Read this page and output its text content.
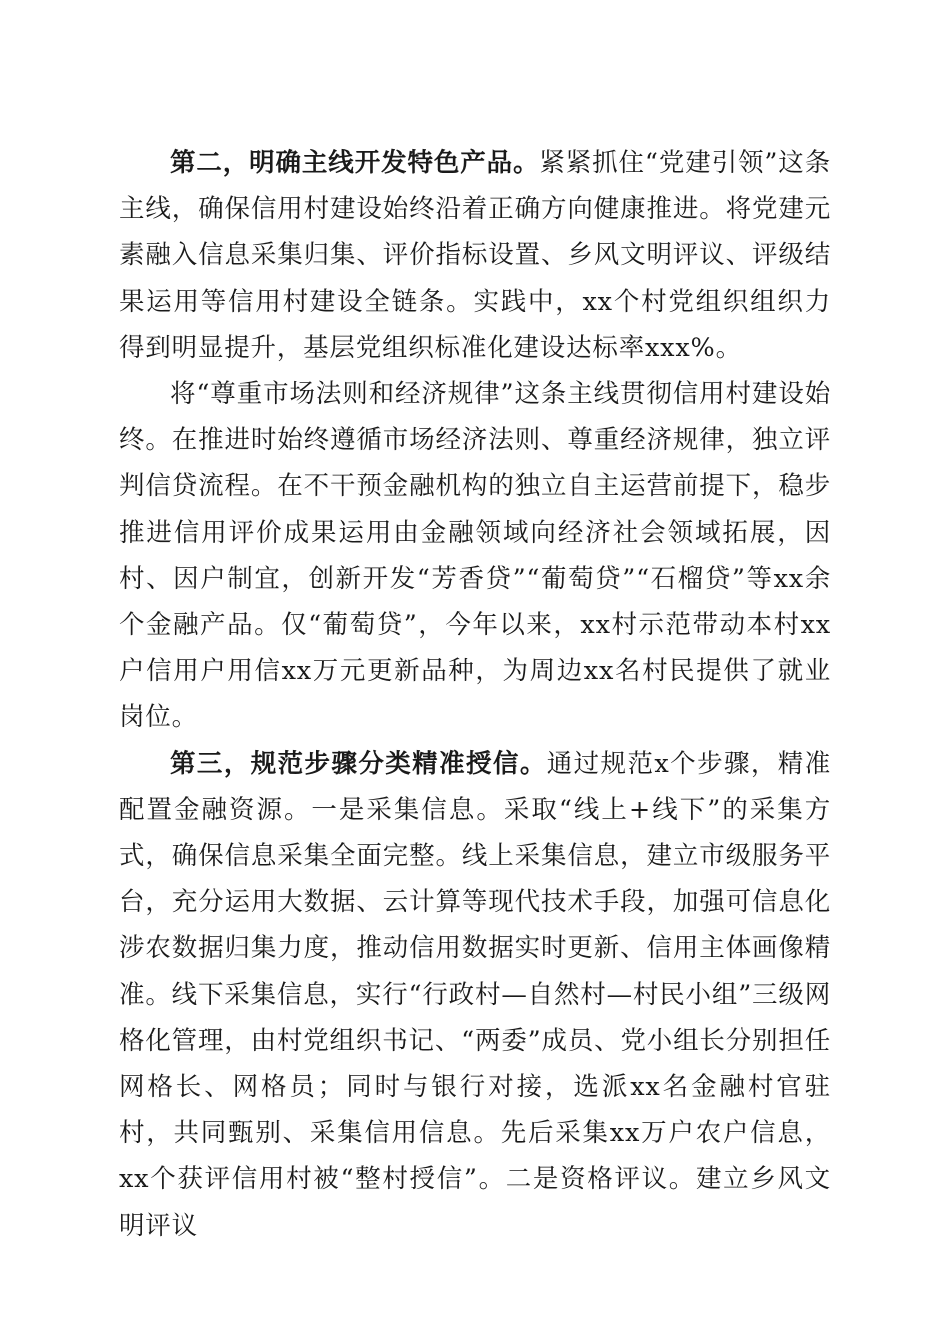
第二，明确主线开发特色产品。紧紧抓住“党建引领”这条主线，确保信用村建设始终沿着正确方向健康推进。将党建元素融入信息采集归集、评价指标设置、乡风文明评议、评级结果运用等信用村建设全链条。实践中，xx个村党组织组织力得到明显提升，基层党组织标准化建设达标率xxx%。

将“尊重市场法则和经济规律”这条主线贯彻信用村建设始终。在推进时始终遵循市场经济法则、尊重经济规律，独立评判信贷流程。在不干预金融机构的独立自主运营前提下，稳步推进信用评价成果运用由金融领域向经济社会领域拓展，因村、因户制宜，创新开发“芳香贷”“葡萄贷”“石榴贷”等xx余个金融产品。仅“葡萄贷”，今年以来，xx村示范带动本村xx户信用户用信xx万元更新品种，为周边xx名村民提供了就业岗位。

第三，规范步骤分类精准授信。通过规范x个步骤，精准配置金融资源。一是采集信息。采取“线上+线下”的采集方式，确保信息采集全面完整。线上采集信息，建立市级服务平台，充分运用大数据、云计算等现代技术手段，加强可信息化涉农数据归集力度，推动信用数据实时更新、信用主体画像精准。线下采集信息，实行“行政村—自然村—村民小组”三级网格化管理，由村党组织书记、“两委”成员、党小组长分别担任网格长、网格员；同时与银行对接，选派xx名金融村官驻村，共同甄别、采集信用信息。先后采集xx万户农户信息，xx个获评信用村被“整村授信”。二是资格评议。建立乡风文明评议
